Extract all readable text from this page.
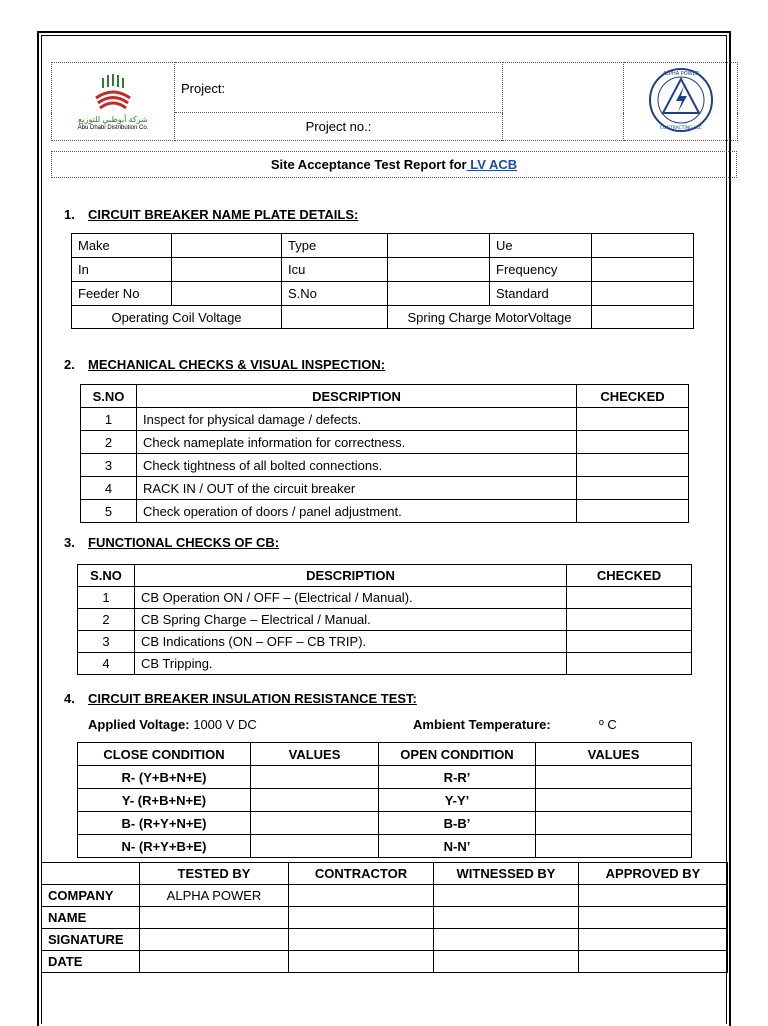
شركة أبوظبي للتوزيع
Abu Dhabi Distribution Co.
	Project:		
ALPHA POWER
CONTRACTING LLC

Project no.:
Site Acceptance Test Report for LV ACB
1. CIRCUIT BREAKER NAME PLATE DETAILS:
Make		Type		Ue	
In		Icu		Frequency	
Feeder No		S.No		Standard	
Operating Coil Voltage		Spring Charge MotorVoltage	
2. MECHANICAL CHECKS & VISUAL INSPECTION:
S.NO	DESCRIPTION	CHECKED
1	Inspect for physical damage / defects.	
2	Check nameplate information for correctness.	
3	Check tightness of all bolted connections.	
4	RACK IN / OUT of the circuit breaker	
5	Check operation of doors / panel adjustment.	
3. FUNCTIONAL CHECKS OF CB:
S.NO	DESCRIPTION	CHECKED
1	CB Operation ON / OFF – (Electrical / Manual).	
2	CB Spring Charge – Electrical / Manual.	
3	CB Indications (ON – OFF – CB TRIP).	
4	CB Tripping.	
4. CIRCUIT BREAKER INSULATION RESISTANCE TEST:
Applied Voltage: 1000 V DC	Ambient Temperature:	º C
CLOSE CONDITION	VALUES	OPEN CONDITION	VALUES
R- (Y+B+N+E)		R-R’	
Y- (R+B+N+E)		Y-Y’	
B- (R+Y+N+E)		B-B’	
N- (R+Y+B+E)		N-N’	
	TESTED BY	CONTRACTOR	WITNESSED BY	APPROVED BY
COMPANY	ALPHA POWER			
NAME				
SIGNATURE				
DATE				
